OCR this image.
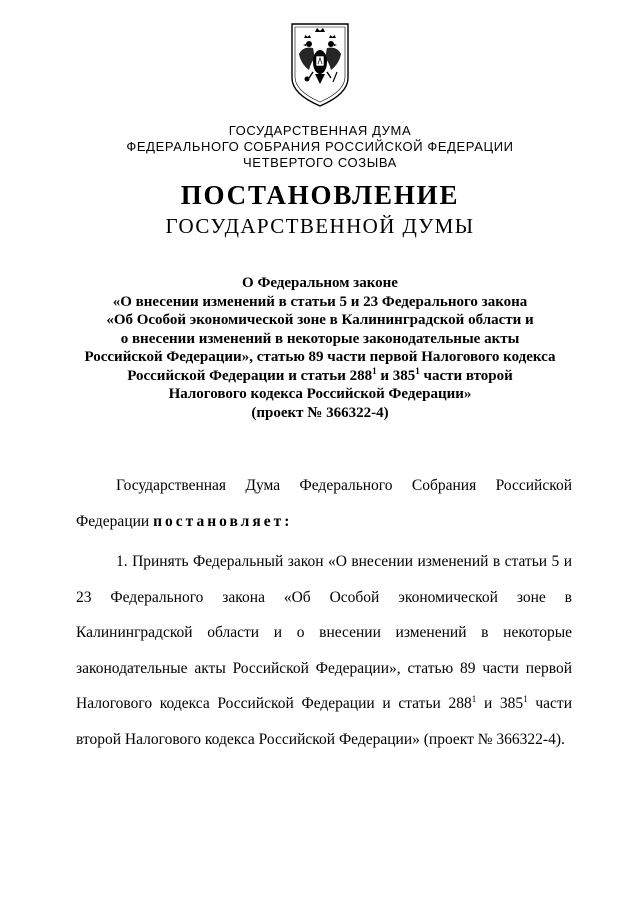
ГОСУДАРСТВЕННАЯ ДУМА
ФЕДЕРАЛЬНОГО СОБРАНИЯ РОССИЙСКОЙ ФЕДЕРАЦИИ
ЧЕТВЕРТОГО СОЗЫВА
ПОСТАНОВЛЕНИЕ
ГОСУДАРСТВЕННОЙ ДУМЫ
О Федеральном законе
«О внесении изменений в статьи 5 и 23 Федерального закона
«Об Особой экономической зоне в Калининградской области и
о внесении изменений в некоторые законодательные акты
Российской Федерации», статью 89 части первой Налогового кодекса
Российской Федерации и статьи $288^1$ и $385^1$ части второй
Налогового кодекса Российской Федерации»
(проект № 366322-4)
Государственная Дума Федерального Собрания Российской
Федерации постановляет:
1. Принять Федеральный закон «О внесении изменений в статьи 5 и
23 Федерального закона «Об Особой экономической зоне в
Калининградской области и о внесении изменений в некоторые
законодательные акты Российской Федерации», статью 89 части первой
Налогового кодекса Российской Федерации и статьи $288^1$ и $385^1$ части
второй Налогового кодекса Российской Федерации» (проект № 366322-4).
